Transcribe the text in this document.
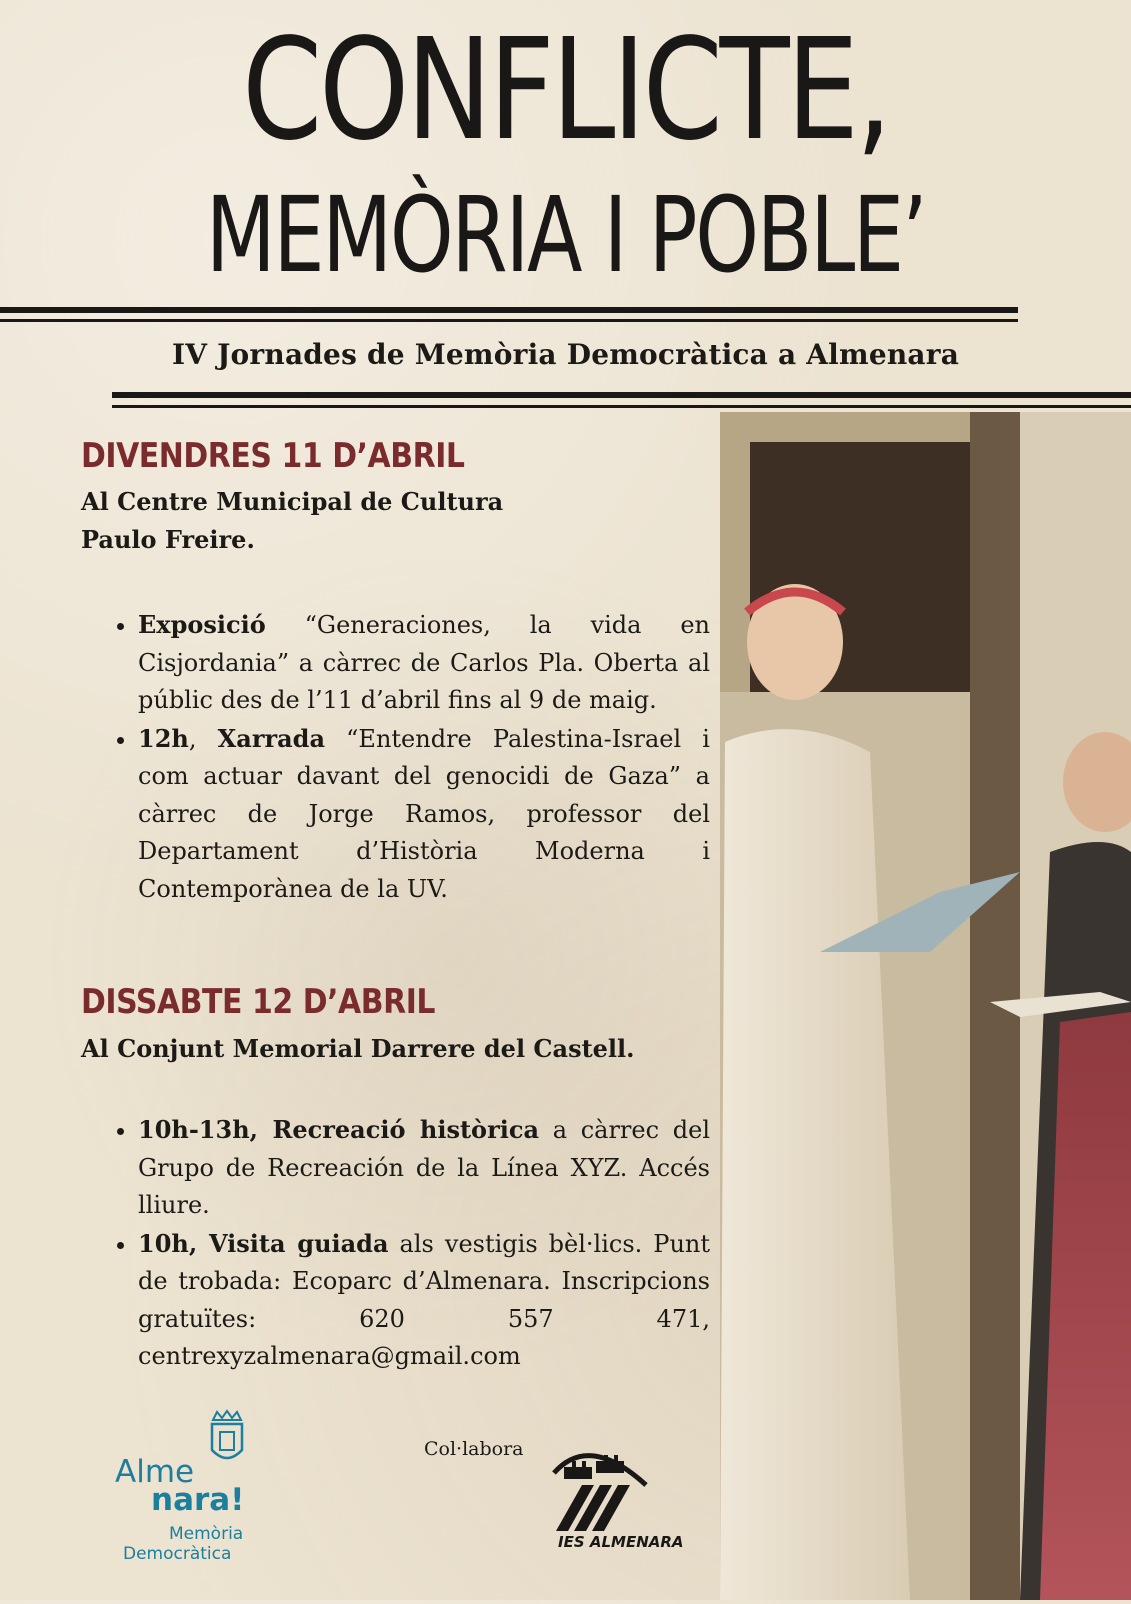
CONFLICTE,
MEMÒRIA I POBLE’
IV Jornades de Memòria Democràtica a Almenara
DIVENDRES 11 D’ABRIL
Al Centre Municipal de Cultura
Paulo Freire.
• Exposició “Generaciones, la vida en Cisjordania” a càrrec de Carlos Pla. Oberta al públic des de l’11 d’abril fins al 9 de maig.
• 12h, Xarrada “Entendre Palestina-Israel i com actuar davant del genocidi de Gaza” a càrrec de Jorge Ramos, professor del Departament d’Història Moderna i Contemporànea de la UV.
DISSABTE 12 D’ABRIL
Al Conjunt Memorial Darrere del Castell.
• 10h-13h, Recreació històrica a càrrec del Grupo de Recreación de la Línea XYZ. Accés lliure.
• 10h, Visita guiada als vestigis bèl·lics. Punt de trobada: Ecoparc d’Almenara. Inscripcions gratuïtes: 620 557 471, centrexyzalmenara@gmail.com
Alme
nara!
Memòria
Democràtica
Col·labora
IES ALMENARA
